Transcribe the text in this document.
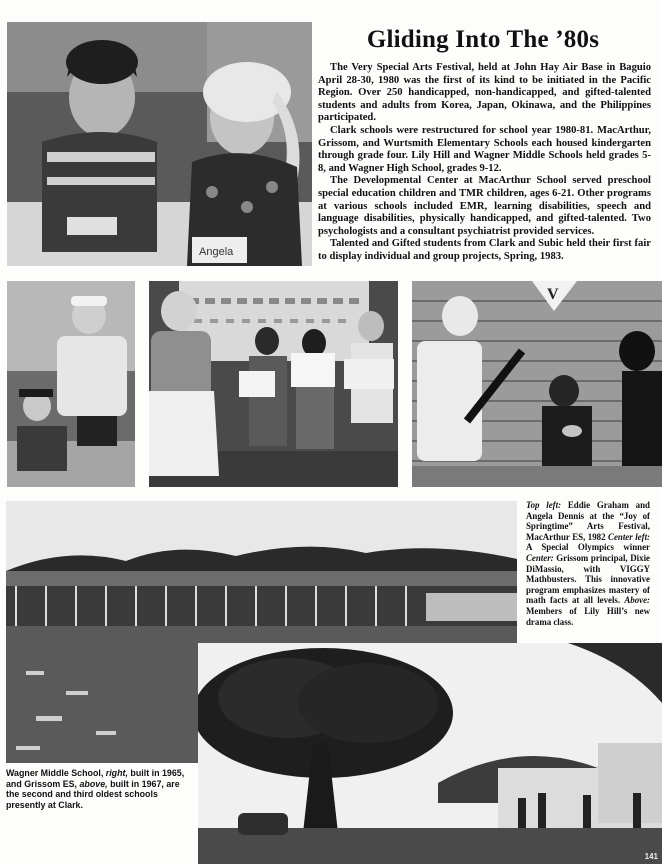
Angela
Gliding Into The ’80s

The Very Special Arts Festival, held at John Hay Air Base in Baguio April 28-30, 1980 was the first of its kind to be initiated in the Pacific Region. Over 250 handicapped, non-handicapped, and gifted-talented students and adults from Korea, Japan, Okinawa, and the Philippines participated.

Clark schools were restructured for school year 1980-81. MacArthur, Grissom, and Wurtsmith Elementary Schools each housed kindergarten through grade four. Lily Hill and Wagner Middle Schools held grades 5-8, and Wagner High School, grades 9-12.

The Developmental Center at MacArthur School served preschool special education children and TMR children, ages 6-21. Other programs at various schools included EMR, learning disabilities, speech and language disabilities, physically handicapped, and gifted-talented. Two psychologists and a consultant psychiatrist provided services.

Talented and Gifted students from Clark and Subic held their first fair to display individual and group projects, Spring, 1983.

V
Top left: Eddie Graham and Angela Dennis at the “Joy of Springtime” Arts Festival, MacArthur ES, 1982 Center left: A Special Olympics winner Center: Grissom principal, Dixie DiMassio, with VIGGY Mathbusters. This innovative program emphasizes mastery of math facts at all levels. Above: Members of Lily Hill’s new drama class.
Wagner Middle School, right, built in 1965, and Grissom ES, above, built in 1967, are the second and third oldest schools presently at Clark.
141
